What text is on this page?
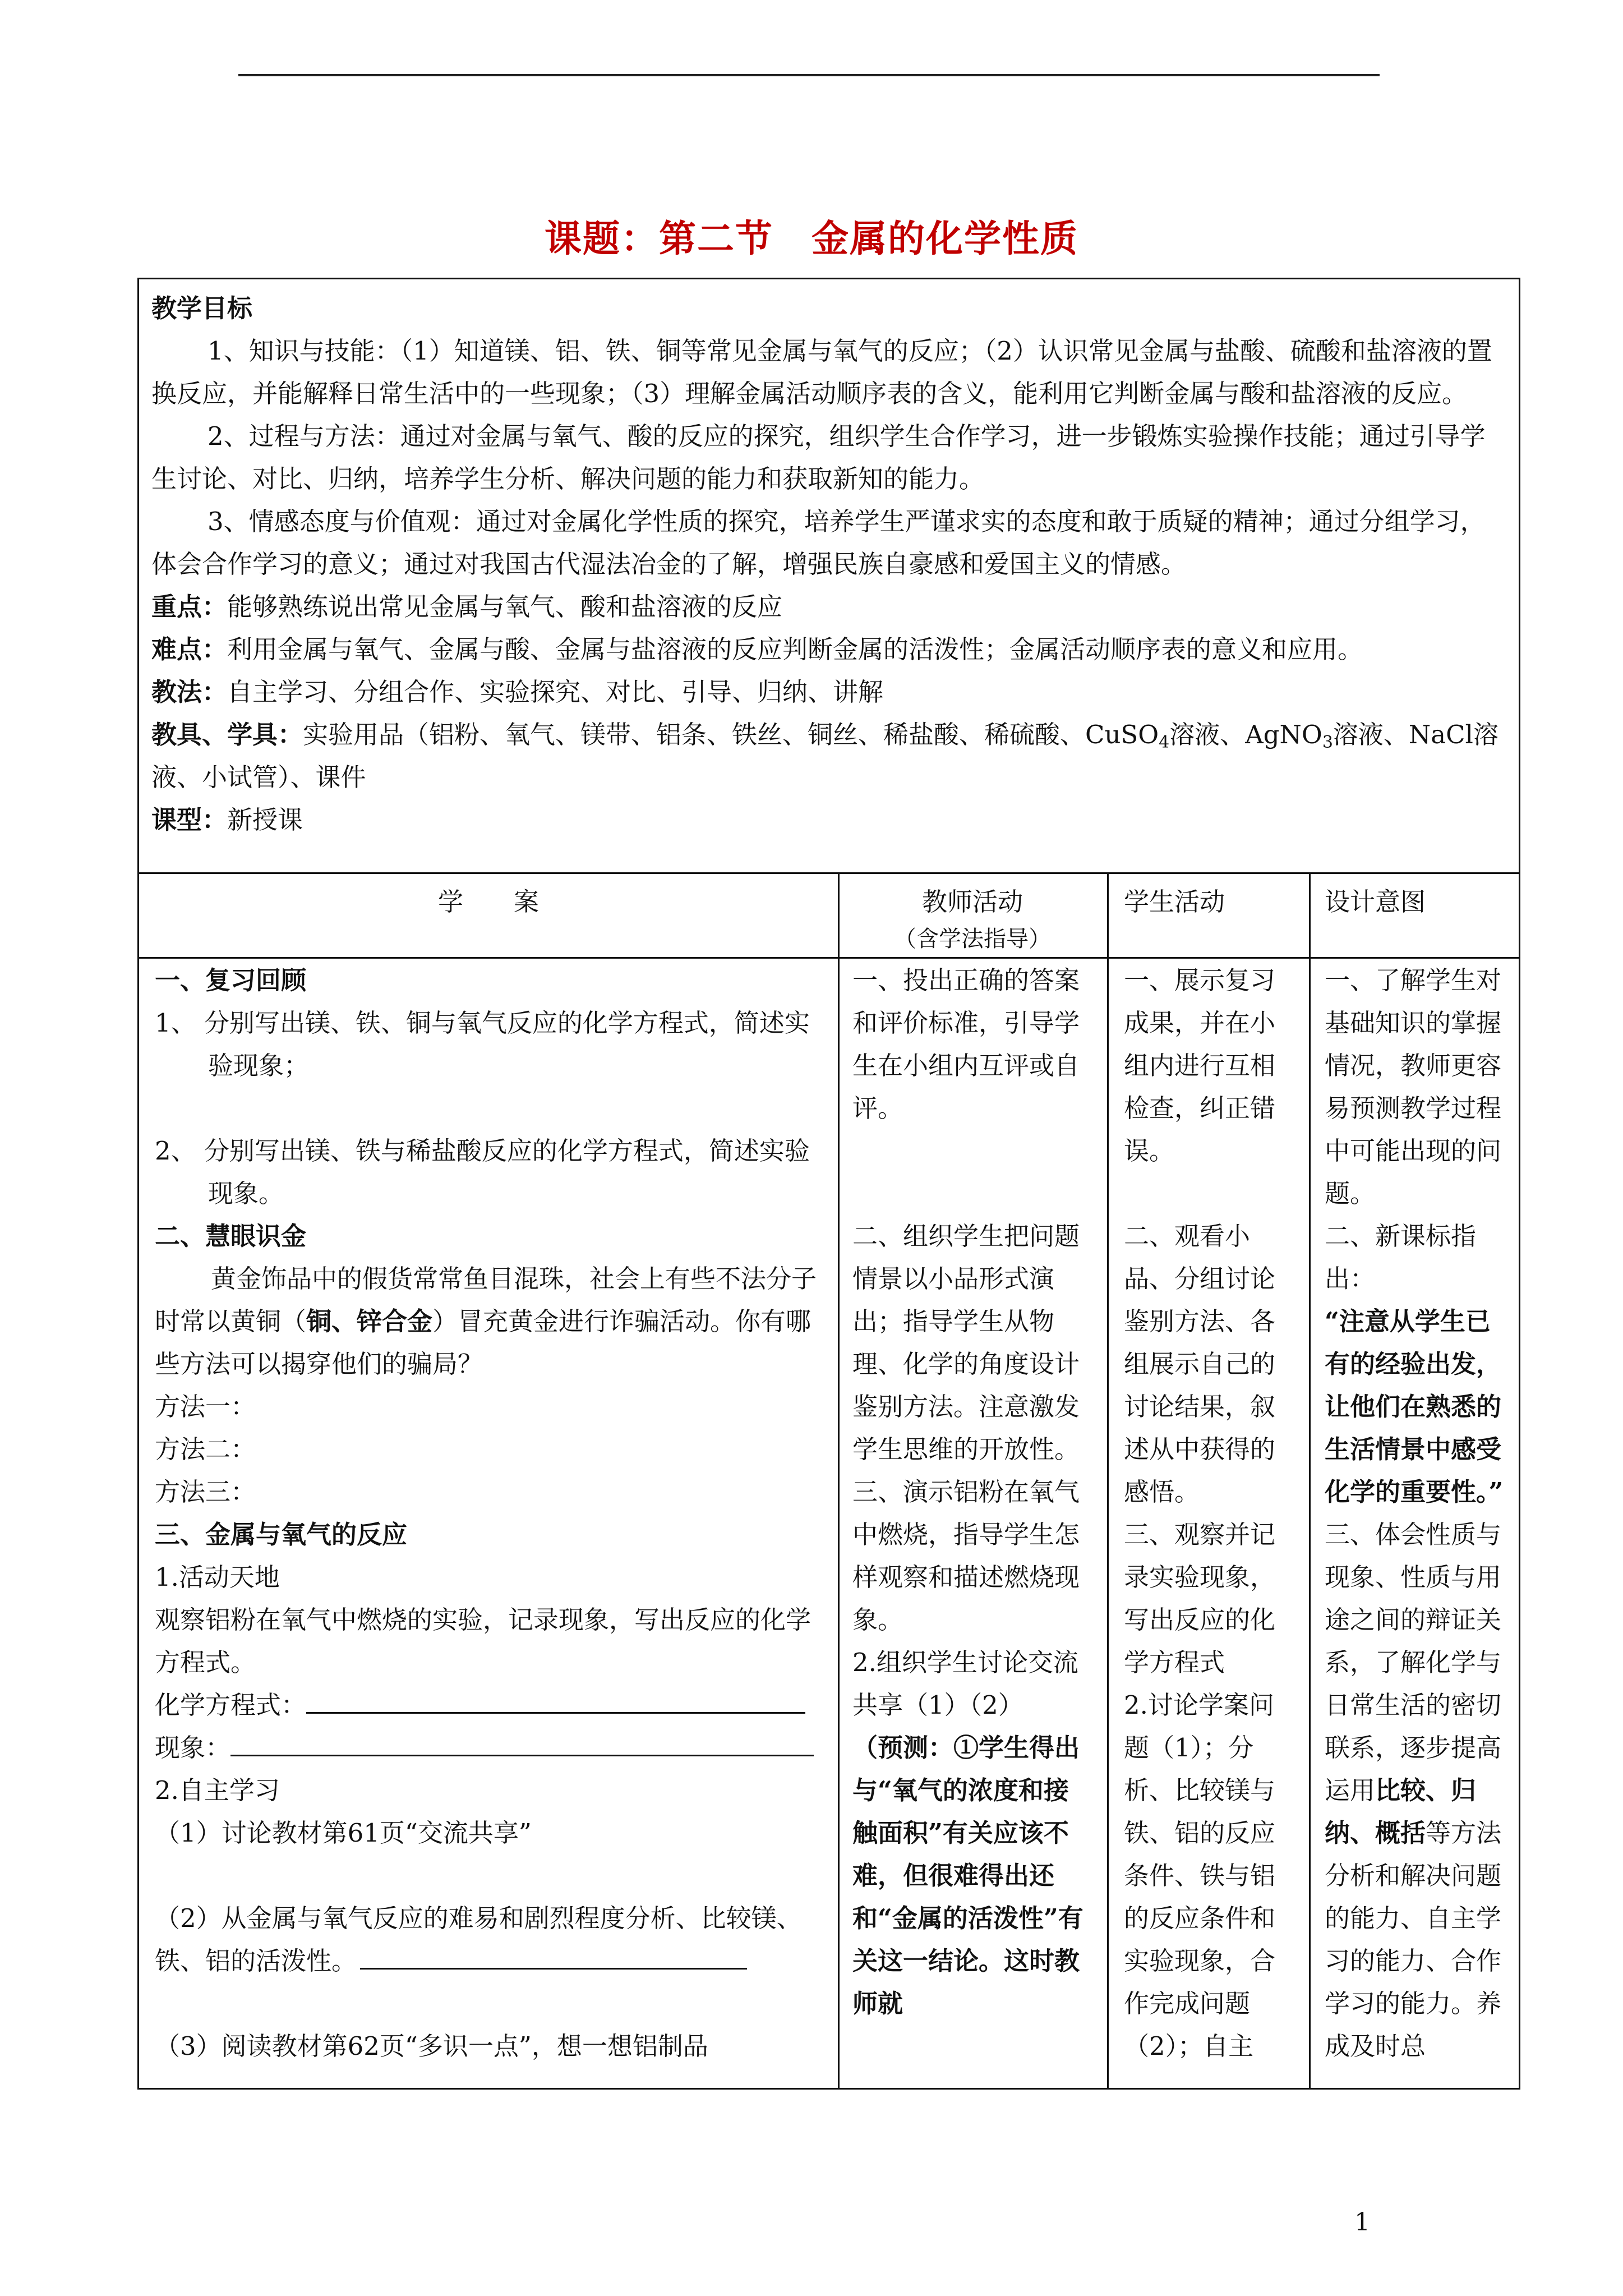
课题：第二节　金属的化学性质

教学目标

1、知识与技能：（1）知道镁、铝、铁、铜等常见金属与氧气的反应；（2）认识常见金属与盐酸、硫酸和盐溶液的置换反应，并能解释日常生活中的一些现象；（3）理解金属活动顺序表的含义，能利用它判断金属与酸和盐溶液的反应。

2、过程与方法：通过对金属与氧气、酸的反应的探究，组织学生合作学习，进一步锻炼实验操作技能；通过引导学生讨论、对比、归纳，培养学生分析、解决问题的能力和获取新知的能力。

3、情感态度与价值观：通过对金属化学性质的探究，培养学生严谨求实的态度和敢于质疑的精神；通过分组学习，体会合作学习的意义；通过对我国古代湿法冶金的了解，增强民族自豪感和爱国主义的情感。

重点：能够熟练说出常见金属与氧气、酸和盐溶液的反应

难点：利用金属与氧气、金属与酸、金属与盐溶液的反应判断金属的活泼性；金属活动顺序表的意义和应用。

教法：自主学习、分组合作、实验探究、对比、引导、归纳、讲解

教具、学具：实验用品（铝粉、氧气、镁带、铝条、铁丝、铜丝、稀盐酸、稀硫酸、CuSO$_4$溶液、AgNO$_3$溶液、NaCl溶液、小试管）、课件

课型：新授课

学　　案	教师活动
（含学法指导）
学生活动	设计意图

一、复习回顾

1、 分别写出镁、铁、铜与氧气反应的化学方程式，简述实验现象；

2、 分别写出镁、铁与稀盐酸反应的化学方程式，简述实验现象。

二、慧眼识金

黄金饰品中的假货常常鱼目混珠，社会上有些不法分子时常以黄铜（铜、锌合金）冒充黄金进行诈骗活动。你有哪些方法可以揭穿他们的骗局？

方法一：

方法二：

方法三：

三、金属与氧气的反应

1.活动天地

观察铝粉在氧气中燃烧的实验，记录现象，写出反应的化学方程式。

化学方程式：

现象：

2.自主学习

（1）讨论教材第61页“交流共享”

（2）从金属与氧气反应的难易和剧烈程度分析、比较镁、铁、铝的活泼性。

（3）阅读教材第62页“多识一点”，想一想铝制品

一、投出正确的答案和评价标准，引导学生在小组内互评或自评。

二、组织学生把问题情景以小品形式演出；指导学生从物理、化学的角度设计鉴别方法。注意激发学生思维的开放性。

三、演示铝粉在氧气中燃烧，指导学生怎样观察和描述燃烧现象。

2.组织学生讨论交流共享（1）（2）

（预测：①学生得出与“氧气的浓度和接触面积”有关应该不难，但很难得出还和“金属的活泼性”有关这一结论。这时教师就

一、展示复习成果，并在小组内进行互相检查，纠正错误。

二、观看小品、分组讨论鉴别方法、各组展示自己的讨论结果，叙述从中获得的感悟。

三、观察并记录实验现象，写出反应的化学方程式

2.讨论学案问题（1）；分析、比较镁与铁、铝的反应条件、铁与铝的反应条件和实验现象，合作完成问题（2）；自主

一、了解学生对基础知识的掌握情况，教师更容易预测教学过程中可能出现的问题。

二、新课标指出：

“注意从学生已有的经验出发，让他们在熟悉的生活情景中感受化学的重要性。”

三、体会性质与现象、性质与用途之间的辩证关系，了解化学与日常生活的密切联系，逐步提高运用比较、归纳、概括等方法分析和解决问题的能力、自主学习的能力、合作学习的能力。养成及时总

1
